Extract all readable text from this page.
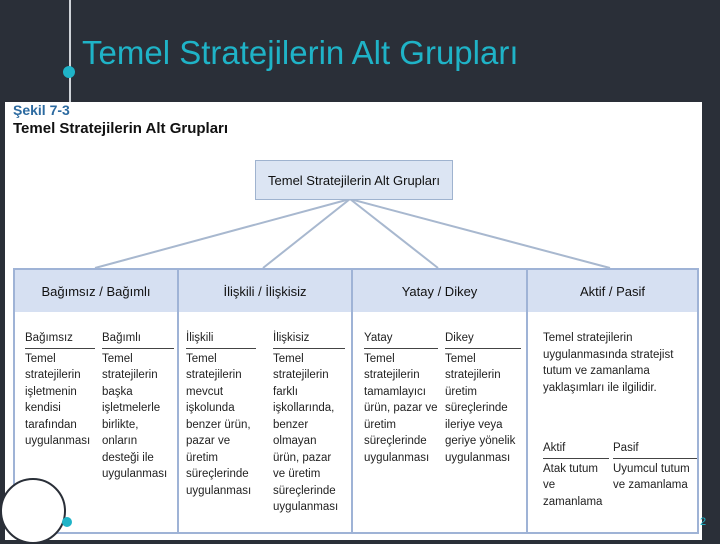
Temel Stratejilerin Alt Grupları
Şekil 7-3
Temel Stratejilerin Alt Grupları
Temel Stratejilerin Alt Grupları
Bağımsız / Bağımlı	İlişkili / İlişkisiz	Yatay / Dikey	Aktif / Pasif
Bağımsız
Temel stratejilerin işletmenin kendisi tarafından uygulanması
Bağımlı
Temel stratejilerin başka işletmelerle birlikte, onların desteği ile uygulanması
İlişkili
Temel stratejilerin mevcut işkolunda benzer ürün, pazar ve üretim süreçlerinde uygulanması
İlişkisiz
Temel stratejilerin farklı işkollarında, benzer olmayan ürün, pazar ve üretim süreçlerinde uygulanması
Yatay
Temel stratejilerin tamamlayıcı ürün, pazar ve üretim süreçlerinde uygulanması
Dikey
Temel stratejilerin üretim süreçlerinde ileriye veya geriye yönelik uygulanması
Temel stratejilerin uygulanmasında stratejist tutum ve zamanlama yaklaşımları ile ilgilidir.
Aktif
Atak tutum ve zamanlama
Pasif
Uyumcul tutum ve zamanlama
2
